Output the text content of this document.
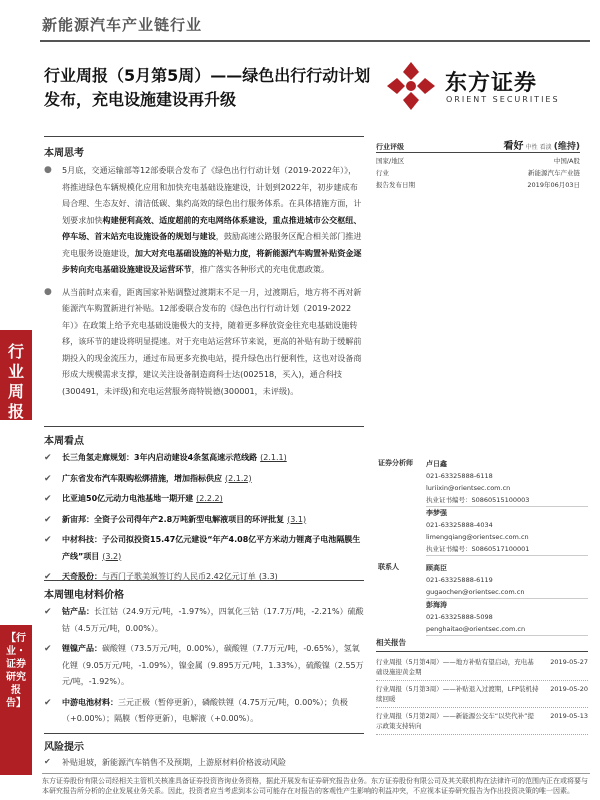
新能源汽车产业链行业
行业周报（5月第5周）——绿色出行行动计划发布，充电设施建设再升级
东方证券
ORIENT SECURITIES
行业周报
【行业・证券研究报告】
本周思考
●	5月底，交通运输部等12部委联合发布了《绿色出行行动计划（2019-2022年）》，将推进绿色车辆规模化应用和加快充电基础设施建设，计划到2022年，初步建成布局合理、生态友好、清洁低碳、集约高效的绿色出行服务体系。在具体措施方面，计划要求加快构建便利高效、适度超前的充电网络体系建设，重点推进城市公交枢纽、停车场、首末站充电设施设备的规划与建设，鼓励高速公路服务区配合相关部门推进充电服务设施建设，加大对充电基础设施的补贴力度，将新能源汽车购置补贴资金逐步转向充电基础设施建设及运营环节，推广落实各种形式的充电优惠政策。
●	从当前时点来看，距离国家补贴调整过渡期末不足一月，过渡期后，地方将不再对新能源汽车购置新进行补贴。12部委联合发布的《绿色出行行动计划（2019-2022年）》在政策上给予充电基础设施极大的支持，随着更多释放资金往充电基础设施转移，该环节的建设将明显提速。对于充电站运营环节来说，更高的补贴有助于缓解前期投入的现金流压力，通过布局更多充换电站，提升绿色出行便利性，这也对设备商形成大规模需求支撑，建议关注设备制造商科士达(002518，买入)，通合科技(300491，未评级)和充电运营服务商特锐德(300001，未评级)。
本周看点
✔	长三角氢走廊规划：3年内启动建设4条氢高速示范线路 (2.1.1)
✔	广东省发布汽车限购松绑措施，增加指标供应 (2.1.2)
✔	比亚迪50亿元动力电池基地一期开建 (2.2.2)
✔	新宙邦：全资子公司得年产2.8万吨新型电解液项目的环评批复 (3.1)
✔	中材科技：子公司拟投资15.47亿元建设“年产4.08亿平方米动力锂离子电池隔膜生产线”项目 (3.2)
✔	天奇股份：与西门子歌美飒签订约人民币2.42亿元订单 (3.3)
本周锂电材料价格
✔	钴产品：长江钴（24.9万元/吨，-1.97%），四氧化三钴（17.7万/吨，-2.21%）硫酸钴（4.5万元/吨，0.00%）。
✔	锂镍产品：碳酸锂（73.5万元/吨，0.00%），碳酸锂（7.7万元/吨，-0.65%），氢氧化锂（9.05万元/吨，-1.09%），镍金属（9.895万元/吨，1.33%），硫酸镍（2.55万元/吨，-1.92%）。
✔	中游电池材料：三元正极（暂停更新），磷酸铁锂（4.75万元/吨，0.00%）；负极（+0.00%）；隔膜（暂停更新），电解液（+0.00%）。
风险提示
✔ 补贴退坡，新能源汽车销售不及预期，上游原材料价格波动风险
东方证券股份有限公司经相关主管机关核准具备证券投资咨询业务资格，据此开展发布证券研究报告业务。东方证券股份有限公司及其关联机构在法律许可的范围内正在或将要与本研究报告所分析的企业发展业务关系。因此，投资者应当考虑到本公司可能存在对报告的客观性产生影响的利益冲突，不应视本证券研究报告为作出投资决策的唯一因素。
行业评级	看好 中性 看淡 (维持)
国家/地区	中国/A股
行业	新能源汽车产业链
报告发布日期	2019年06月03日
证券分析师	卢日鑫
021-63325888-6118
luriixin@orientsec.com.cn
执业证书编号：S0860515100003
李梦强
021-63325888-4034
limengqiang@orientsec.com.cn
执业证书编号：S0860517100001
联系人	顾高臣
021-63325888-6119
gugaochen@orientsec.com.cn
彭海涛
021-63325888-5098
penghaitao@orientsec.com.cn
相关报告
行业周报（5月第4周）——地方补贴有望启动，充电基础设施迎黄金期
2019-05-27
行业周报（5月第3周）——补贴退入过渡期，LFP装机持续回暖
2019-05-20
行业周报（5月第2周）——新能源公交车“以奖代补”提示政策支持转向
2019-05-13
